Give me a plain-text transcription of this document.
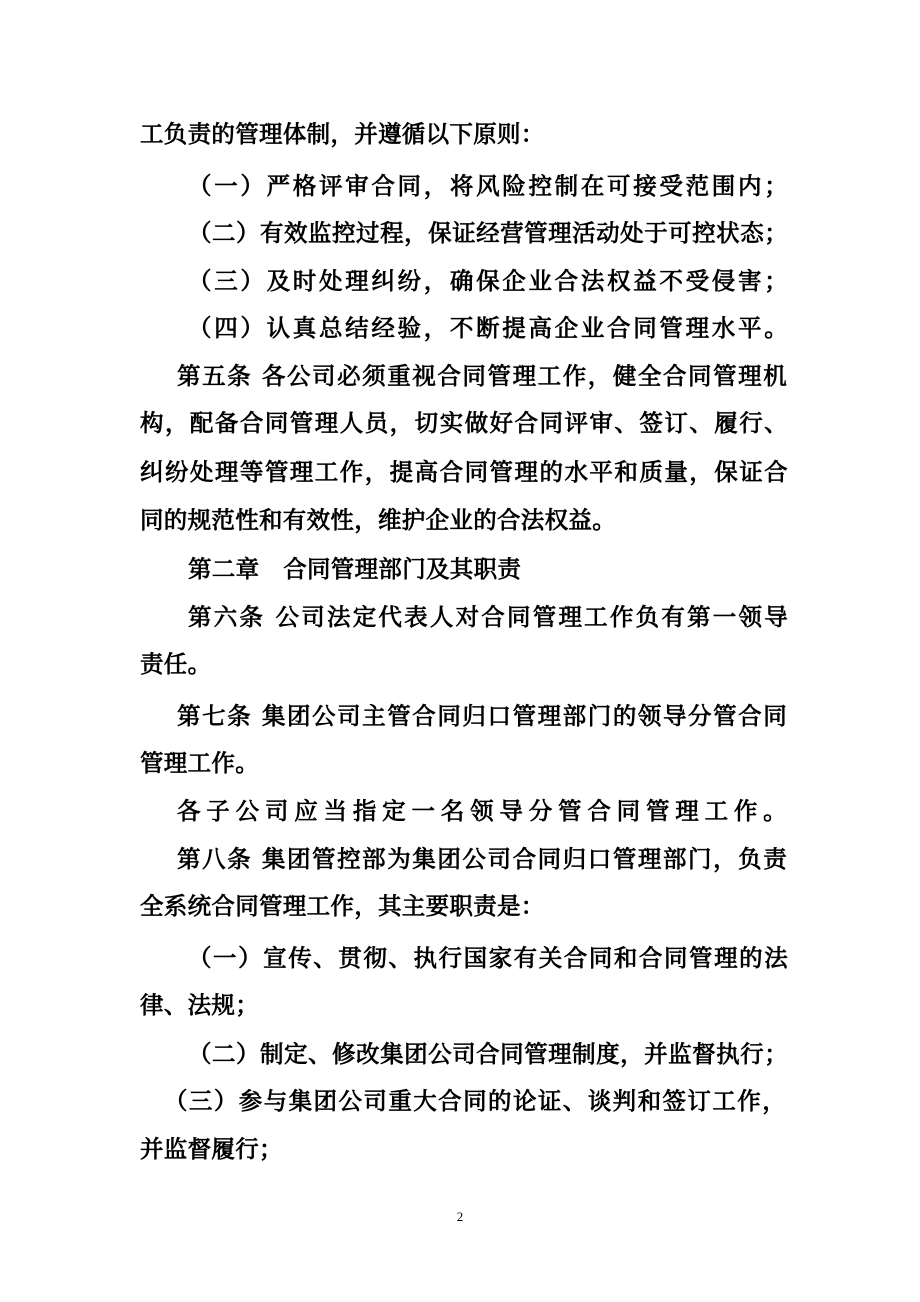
工负责的管理体制，并遵循以下原则：
（一）严格评审合同，将风险控制在可接受范围内；
（二）有效监控过程，保证经营管理活动处于可控状态；
（三）及时处理纠纷，确保企业合法权益不受侵害；
（四）认真总结经验，不断提高企业合同管理水平。
第五条 各公司必须重视合同管理工作，健全合同管理机
构，配备合同管理人员，切实做好合同评审、签订、履行、
纠纷处理等管理工作，提高合同管理的水平和质量，保证合
同的规范性和有效性，维护企业的合法权益。
第二章　合同管理部门及其职责
第六条 公司法定代表人对合同管理工作负有第一领导
责任。
第七条 集团公司主管合同归口管理部门的领导分管合同
管理工作。
各子公司应当指定一名领导分管合同管理工作。
第八条 集团管控部为集团公司合同归口管理部门，负责
全系统合同管理工作，其主要职责是：
（一）宣传、贯彻、执行国家有关合同和合同管理的法
律、法规；
（二）制定、修改集团公司合同管理制度，并监督执行；
（三）参与集团公司重大合同的论证、谈判和签订工作，
并监督履行；
2
